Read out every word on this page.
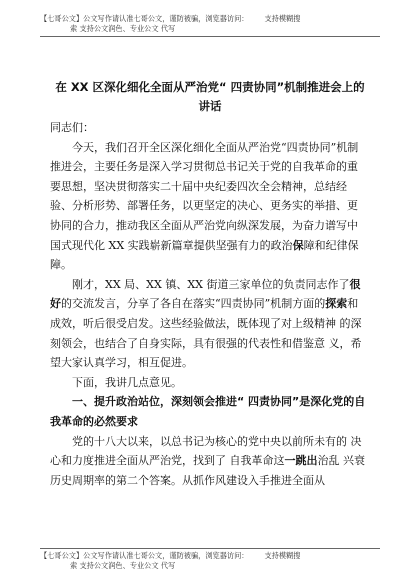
【七哥公文】公文写作请认准七哥公文，谨防被骗，浏览器访问： 支持模糊搜
索 支持公文润色、专业公文 代写
在 XX 区深化细化全面从严治党“ 四责协同”机制推进会上的讲话

同志们：

今天，我们召开全区深化细化全面从严治党“四责协同”机制推进会，主要任务是深入学习贯彻总书记关于党的自我革命的重要思想，坚决贯彻落实二十届中央纪委四次全会精神，总结经验、分析形势、部署任务，以更坚定的决心、更务实的举措、更协同的合力，推动我区全面从严治党向纵深发展，为奋力谱写中国式现代化 XX 实践崭新篇章提供坚强有力的政治保障和纪律保障。

刚才，XX 局、XX 镇、XX 街道三家单位的负责同志作了很好的交流发言，分享了各自在落实“四责协同”机制方面的探索和成效，听后很受启发。这些经验做法，既体现了对上级精神 的深刻领会，也结合了自身实际，具有很强的代表性和借鉴意 义，希望大家认真学习，相互促进。

下面，我讲几点意见。

一、提升政治站位，深刻领会推进“ 四责协同”是深化党的自我革命的必然要求

党的十八大以来，以总书记为核心的党中央以前所未有的 决心和力度推进全面从严治党，找到了 自我革命这一跳出治乱 兴衰历史周期率的第二个答案。从抓作风建设入手推进全面从

【七哥公文】公文写作请认准七哥公文，谨防被骗，浏览器访问： 支持模糊搜
索 支持公文润色、专业公文 代写
